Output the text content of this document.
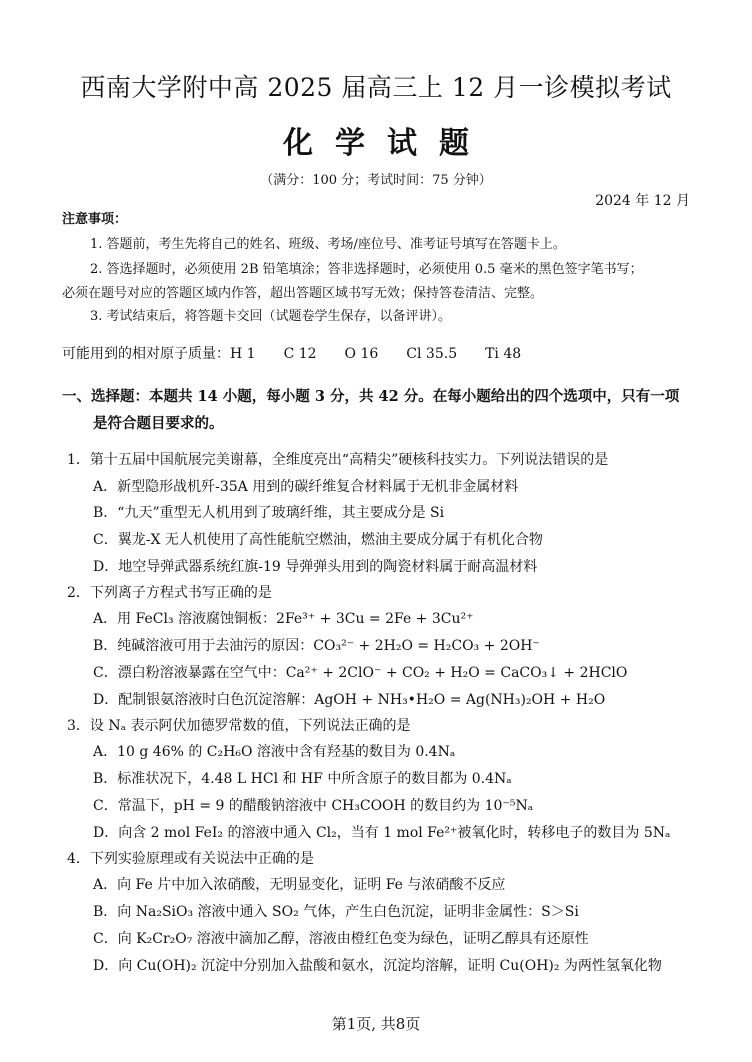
西南大学附中高 2025 届高三上 12 月一诊模拟考试
化学试题
（满分：100 分；考试时间：75 分钟）
2024 年 12 月
注意事项：
1. 答题前，考生先将自己的姓名、班级、考场/座位号、准考证号填写在答题卡上。
2. 答选择题时，必须使用 2B 铅笔填涂；答非选择题时，必须使用 0.5 毫米的黑色签字笔书写；
必须在题号对应的答题区域内作答，超出答题区域书写无效；保持答卷清洁、完整。
3. 考试结束后，将答题卡交回（试题卷学生保存，以备评讲）。
可能用到的相对原子质量：H 1　　C 12　　O 16　　Cl 35.5　　Ti 48
一、选择题：本题共 14 小题，每小题 3 分，共 42 分。在每小题给出的四个选项中，只有一项
是符合题目要求的。
1．第十五届中国航展完美谢幕，全维度亮出“高精尖”硬核科技实力。下列说法错误的是
A．新型隐形战机歼-35A 用到的碳纤维复合材料属于无机非金属材料
B．“九天”重型无人机用到了玻璃纤维，其主要成分是 Si
C．翼龙-X 无人机使用了高性能航空燃油，燃油主要成分属于有机化合物
D．地空导弹武器系统红旗-19 导弹弹头用到的陶瓷材料属于耐高温材料
2．下列离子方程式书写正确的是
A．用 FeCl₃ 溶液腐蚀铜板：2Fe³⁺ + 3Cu = 2Fe + 3Cu²⁺
B．纯碱溶液可用于去油污的原因：CO₃²⁻ + 2H₂O = H₂CO₃ + 2OH⁻
C．漂白粉溶液暴露在空气中：Ca²⁺ + 2ClO⁻ + CO₂ + H₂O = CaCO₃↓ + 2HClO
D．配制银氨溶液时白色沉淀溶解：AgOH + NH₃•H₂O = Ag(NH₃)₂OH + H₂O
3．设 Nₐ 表示阿伏加德罗常数的值，下列说法正确的是
A．10 g 46% 的 C₂H₆O 溶液中含有羟基的数目为 0.4Nₐ
B．标准状况下，4.48 L HCl 和 HF 中所含原子的数目都为 0.4Nₐ
C．常温下，pH = 9 的醋酸钠溶液中 CH₃COOH 的数目约为 10⁻⁵Nₐ
D．向含 2 mol FeI₂ 的溶液中通入 Cl₂，当有 1 mol Fe²⁺被氧化时，转移电子的数目为 5Nₐ
4．下列实验原理或有关说法中正确的是
A．向 Fe 片中加入浓硝酸，无明显变化，证明 Fe 与浓硝酸不反应
B．向 Na₂SiO₃ 溶液中通入 SO₂ 气体，产生白色沉淀，证明非金属性：S＞Si
C．向 K₂Cr₂O₇ 溶液中滴加乙醇，溶液由橙红色变为绿色，证明乙醇具有还原性
D．向 Cu(OH)₂ 沉淀中分别加入盐酸和氨水，沉淀均溶解，证明 Cu(OH)₂ 为两性氢氧化物
第1页, 共8页
